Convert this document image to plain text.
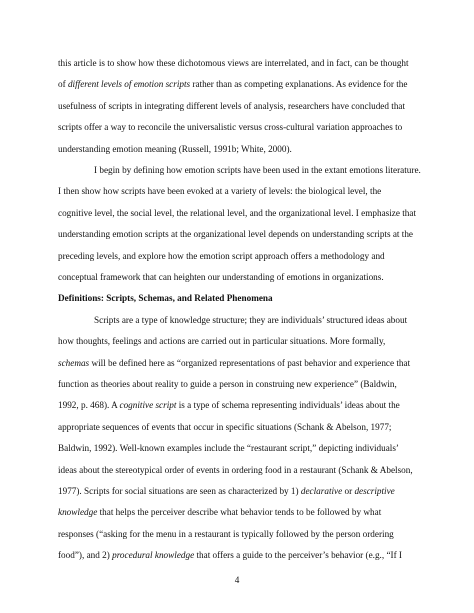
this article is to show how these dichotomous views are interrelated, and in fact, can be thought
of different levels of emotion scripts rather than as competing explanations. As evidence for the
usefulness of scripts in integrating different levels of analysis, researchers have concluded that
scripts offer a way to reconcile the universalistic versus cross-cultural variation approaches to
understanding emotion meaning (Russell, 1991b; White, 2000).
I begin by defining how emotion scripts have been used in the extant emotions literature.
I then show how scripts have been evoked at a variety of levels: the biological level, the
cognitive level, the social level, the relational level, and the organizational level. I emphasize that
understanding emotion scripts at the organizational level depends on understanding scripts at the
preceding levels, and explore how the emotion script approach offers a methodology and
conceptual framework that can heighten our understanding of emotions in organizations.
Definitions: Scripts, Schemas, and Related Phenomena
Scripts are a type of knowledge structure; they are individuals’ structured ideas about
how thoughts, feelings and actions are carried out in particular situations. More formally,
schemas will be defined here as “organized representations of past behavior and experience that
function as theories about reality to guide a person in construing new experience” (Baldwin,
1992, p. 468). A cognitive script is a type of schema representing individuals’ ideas about the
appropriate sequences of events that occur in specific situations (Schank & Abelson, 1977;
Baldwin, 1992). Well-known examples include the “restaurant script,” depicting individuals’
ideas about the stereotypical order of events in ordering food in a restaurant (Schank & Abelson,
1977). Scripts for social situations are seen as characterized by 1) declarative or descriptive
knowledge that helps the perceiver describe what behavior tends to be followed by what
responses (“asking for the menu in a restaurant is typically followed by the person ordering
food”), and 2) procedural knowledge that offers a guide to the perceiver’s behavior (e.g., “If I
4
